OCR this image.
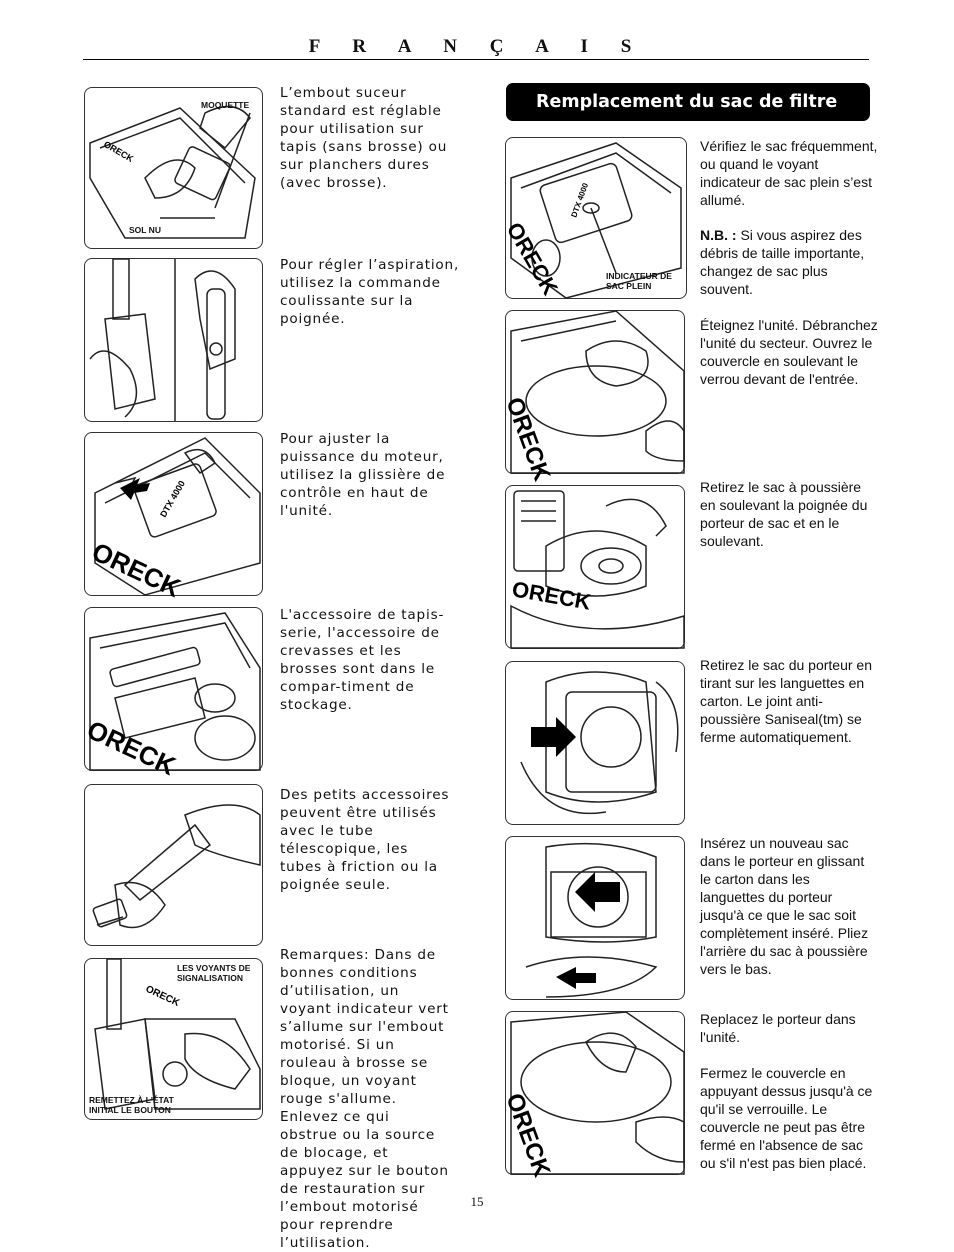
F R A N Ç A I S
ORECK
MOQUETTE
SOL NU
ORECK
DTX 4000
ORECK
ORECK
LES VOYANTS DE
SIGNALISATION
REMETTEZ À L'ÉTAT
INITIAL LE BOUTON
L’embout suceur standard est réglable pour utilisation sur tapis (sans brosse) ou sur planchers dures (avec brosse).
Pour régler l’aspiration, utilisez la commande coulissante sur la poignée.
Pour ajuster la puissance du moteur, utilisez la glissière de contrôle en haut de l'unité.
L'accessoire de tapis-serie, l'accessoire de crevasses et les brosses sont dans le compar-timent de stockage.
Des petits accessoires peuvent être utilisés avec le tube télescopique, les tubes à friction ou la poignée seule.
Remarques: Dans de bonnes conditions d’utilisation, un voyant indicateur vert s’allume sur l'embout motorisé. Si un rouleau à brosse se bloque, un voyant rouge s'allume. Enlevez ce qui obstrue ou la source de blocage, et appuyez sur le bouton de restauration sur l’embout motorisé pour reprendre l’utilisation.
Remplacement du sac de filtre
ORECK
DTX 4000
INDICATEUR DE
SAC PLEIN
ORECK
ORECK
ORECK
Vérifiez le sac fréquemment, ou quand le voyant indicateur de sac plein s’est allumé.
N.B. : Si vous aspirez des débris de taille importante, changez de sac plus souvent.
Éteignez l'unité. Débranchez l'unité du secteur. Ouvrez le couvercle en soulevant le verrou devant de l'entrée.
Retirez le sac à poussière en soulevant la poignée du porteur de sac et en le soulevant.
Retirez le sac du porteur en tirant sur les languettes en carton. Le joint anti-poussière Saniseal(tm) se ferme automatiquement.
Insérez un nouveau sac dans le porteur en glissant le carton dans les languettes du porteur jusqu'à ce que le sac soit complètement inséré. Pliez l'arrière du sac à poussière vers le bas.
Replacez le porteur dans l'unité.
Fermez le couvercle en appuyant dessus jusqu'à ce qu'il se verrouille. Le couvercle ne peut pas être fermé en l'absence de sac ou s'il n'est pas bien placé.
15
